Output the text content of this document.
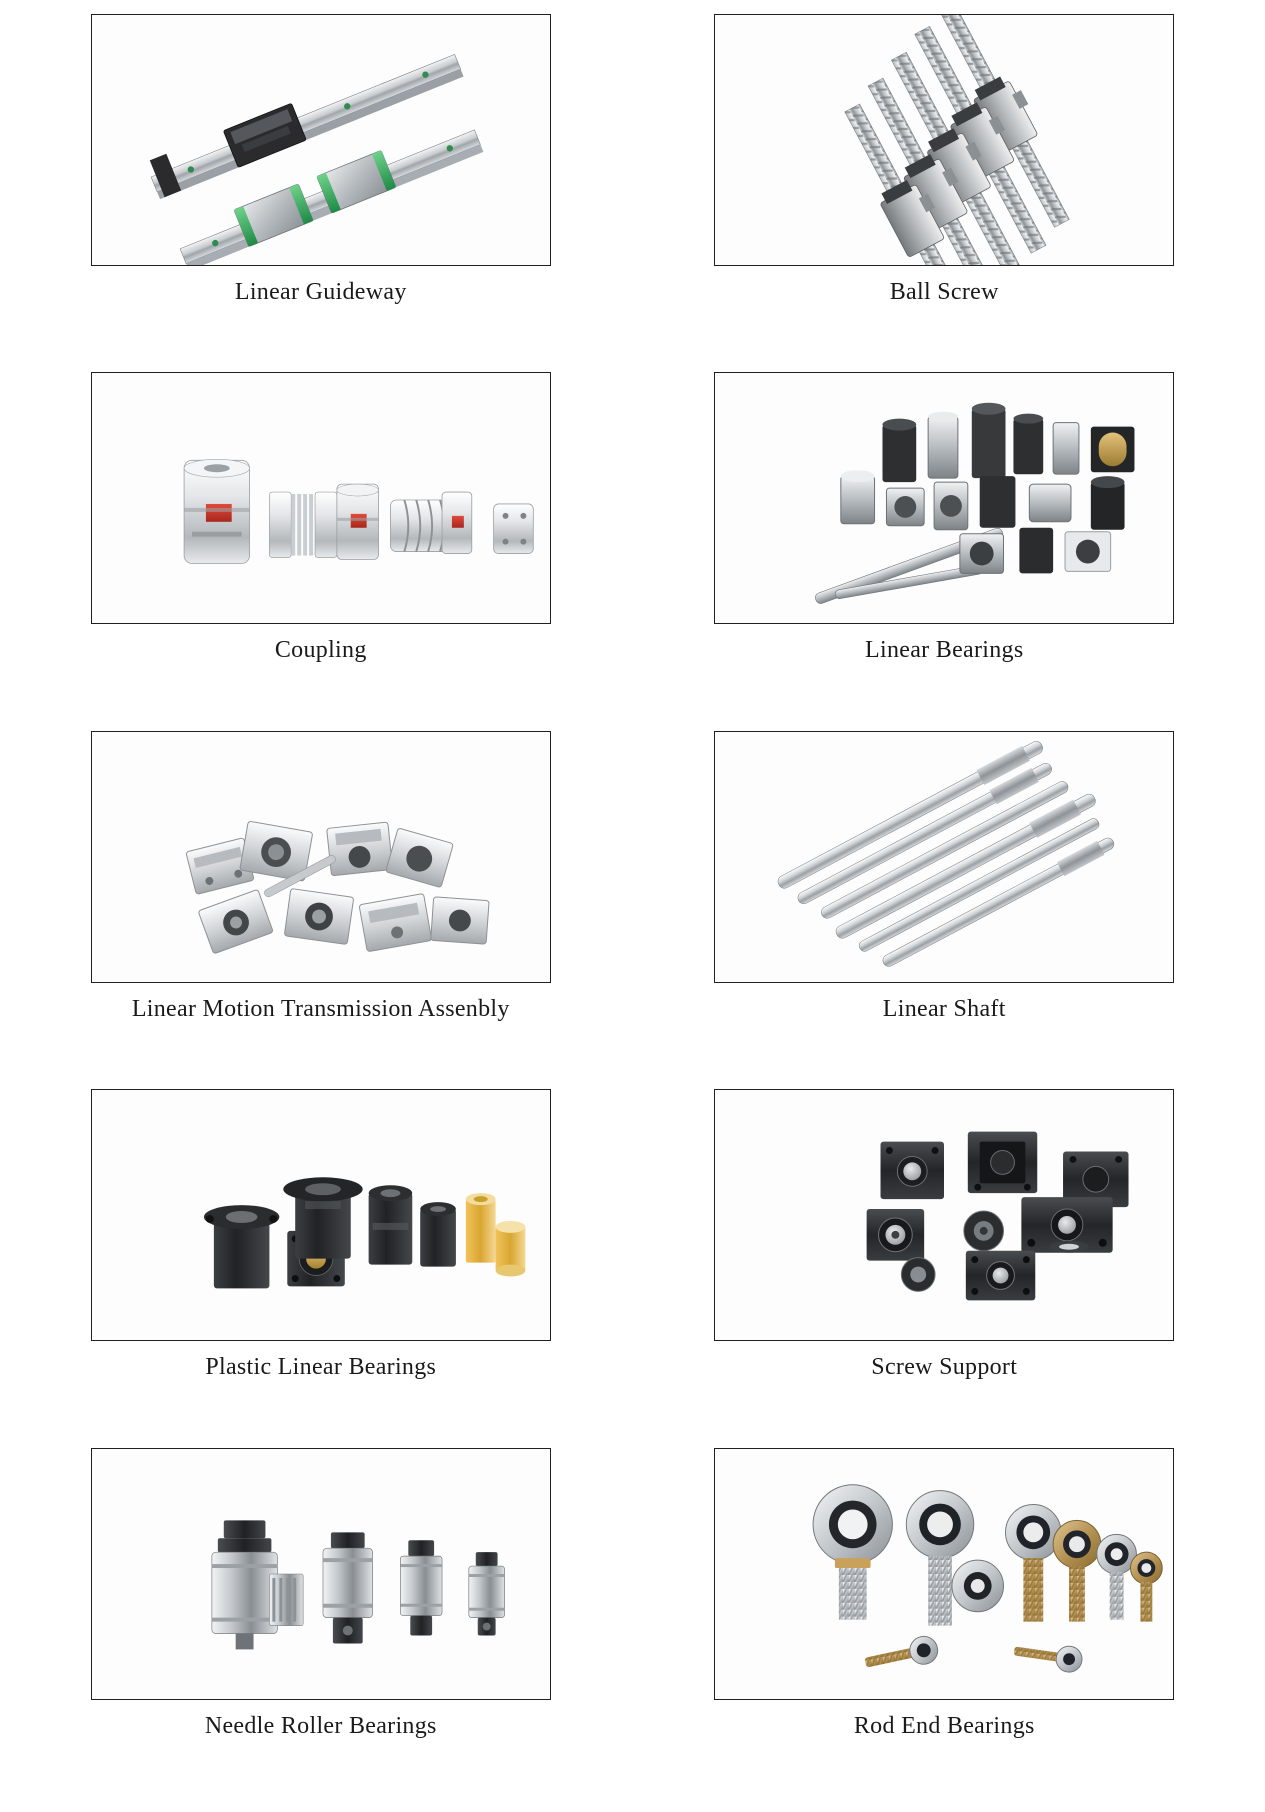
Linear Guideway	Ball Screw
Coupling	Linear Bearings
Linear Motion Transmission Assenbly	Linear Shaft
Plastic Linear Bearings	Screw Support
Needle Roller Bearings	Rod End Bearings
